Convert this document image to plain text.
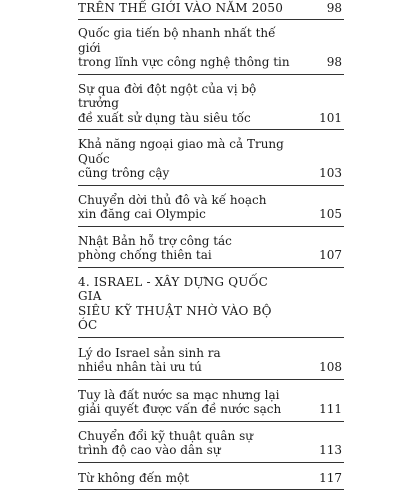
TRÊN THẾ GIỚI VÀO NĂM 2050	98
Quốc gia tiến bộ nhanh nhất thế giới
trong lĩnh vực công nghệ thông tin	98
Sự qua đời đột ngột của vị bộ trưởng
đề xuất sử dụng tàu siêu tốc	101
Khả năng ngoại giao mà cả Trung Quốc
cũng trông cậy	103
Chuyển dời thủ đô và kế hoạch
xin đăng cai Olympic	105
Nhật Bản hỗ trợ công tác
phòng chống thiên tai	107
4. ISRAEL - XÂY DỰNG QUỐC GIA
SIÊU KỸ THUẬT NHỜ VÀO BỘ ÓC
Lý do Israel sản sinh ra
nhiều nhân tài ưu tú	108
Tuy là đất nước sa mạc nhưng lại
giải quyết được vấn đề nước sạch	111
Chuyển đổi kỹ thuật quân sự
trình độ cao vào dân sự	113
Từ không đến một	117
